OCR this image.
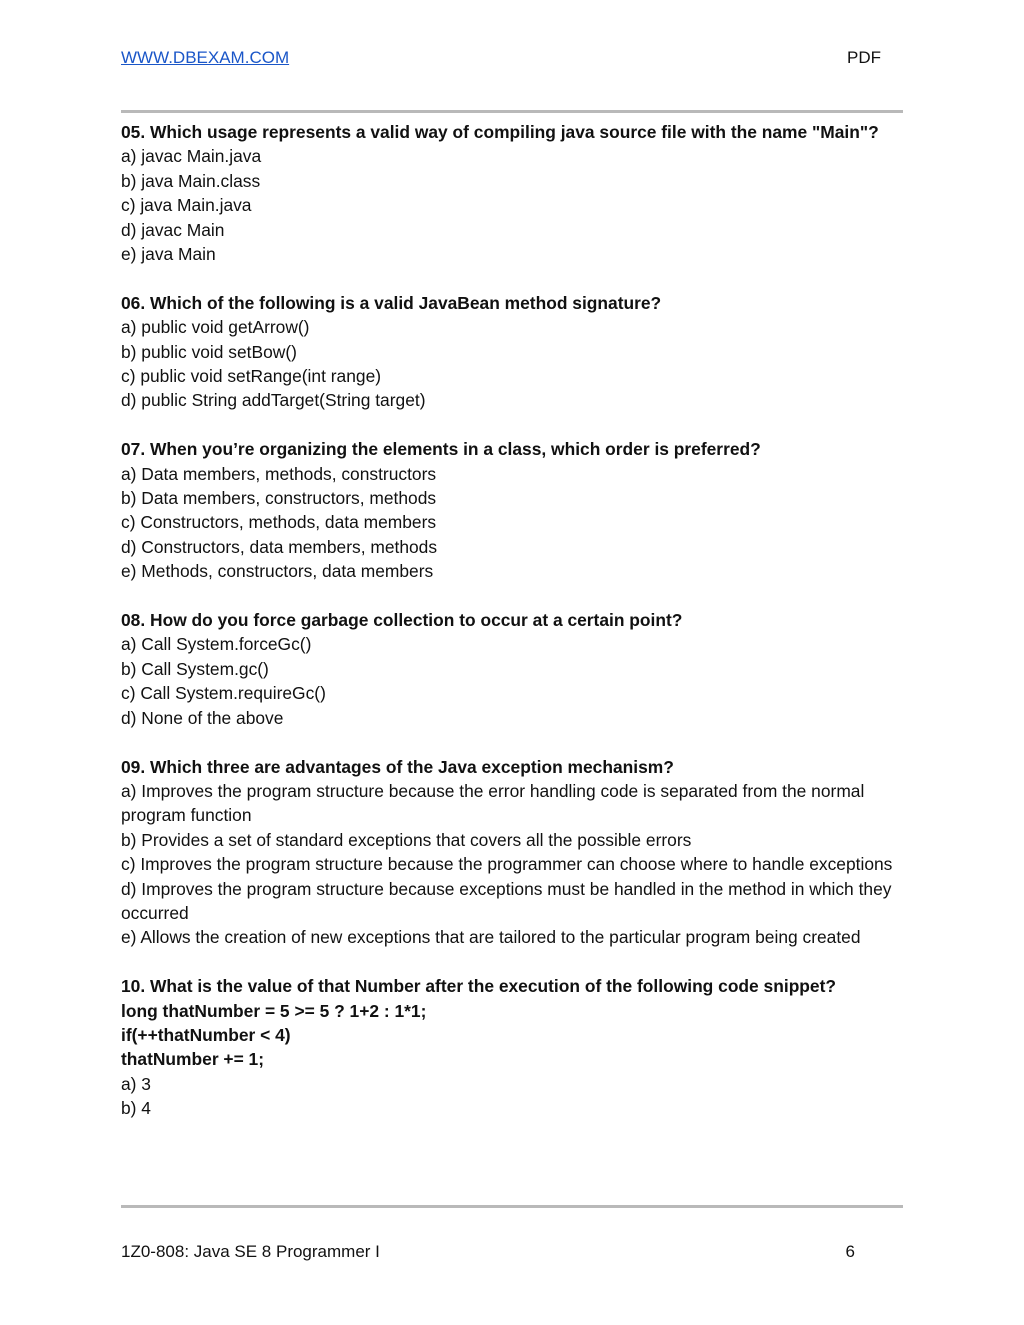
WWW.DBEXAM.COM	PDF
05. Which usage represents a valid way of compiling java source file with the name "Main"?
a) javac Main.java
b) java Main.class
c) java Main.java
d) javac Main
e) java Main
06. Which of the following is a valid JavaBean method signature?
a) public void getArrow()
b) public void setBow()
c) public void setRange(int range)
d) public String addTarget(String target)
07. When you’re organizing the elements in a class, which order is preferred?
a) Data members, methods, constructors
b) Data members, constructors, methods
c) Constructors, methods, data members
d) Constructors, data members, methods
e) Methods, constructors, data members
08. How do you force garbage collection to occur at a certain point?
a) Call System.forceGc()
b) Call System.gc()
c) Call System.requireGc()
d) None of the above
09. Which three are advantages of the Java exception mechanism?
a) Improves the program structure because the error handling code is separated from the normal program function
b) Provides a set of standard exceptions that covers all the possible errors
c) Improves the program structure because the programmer can choose where to handle exceptions
d) Improves the program structure because exceptions must be handled in the method in which they occurred
e) Allows the creation of new exceptions that are tailored to the particular program being created
10. What is the value of that Number after the execution of the following code snippet?
long thatNumber = 5 >= 5 ? 1+2 : 1*1;
if(++thatNumber < 4)
thatNumber += 1;
a) 3
b) 4
1Z0-808: Java SE 8 Programmer I	6
